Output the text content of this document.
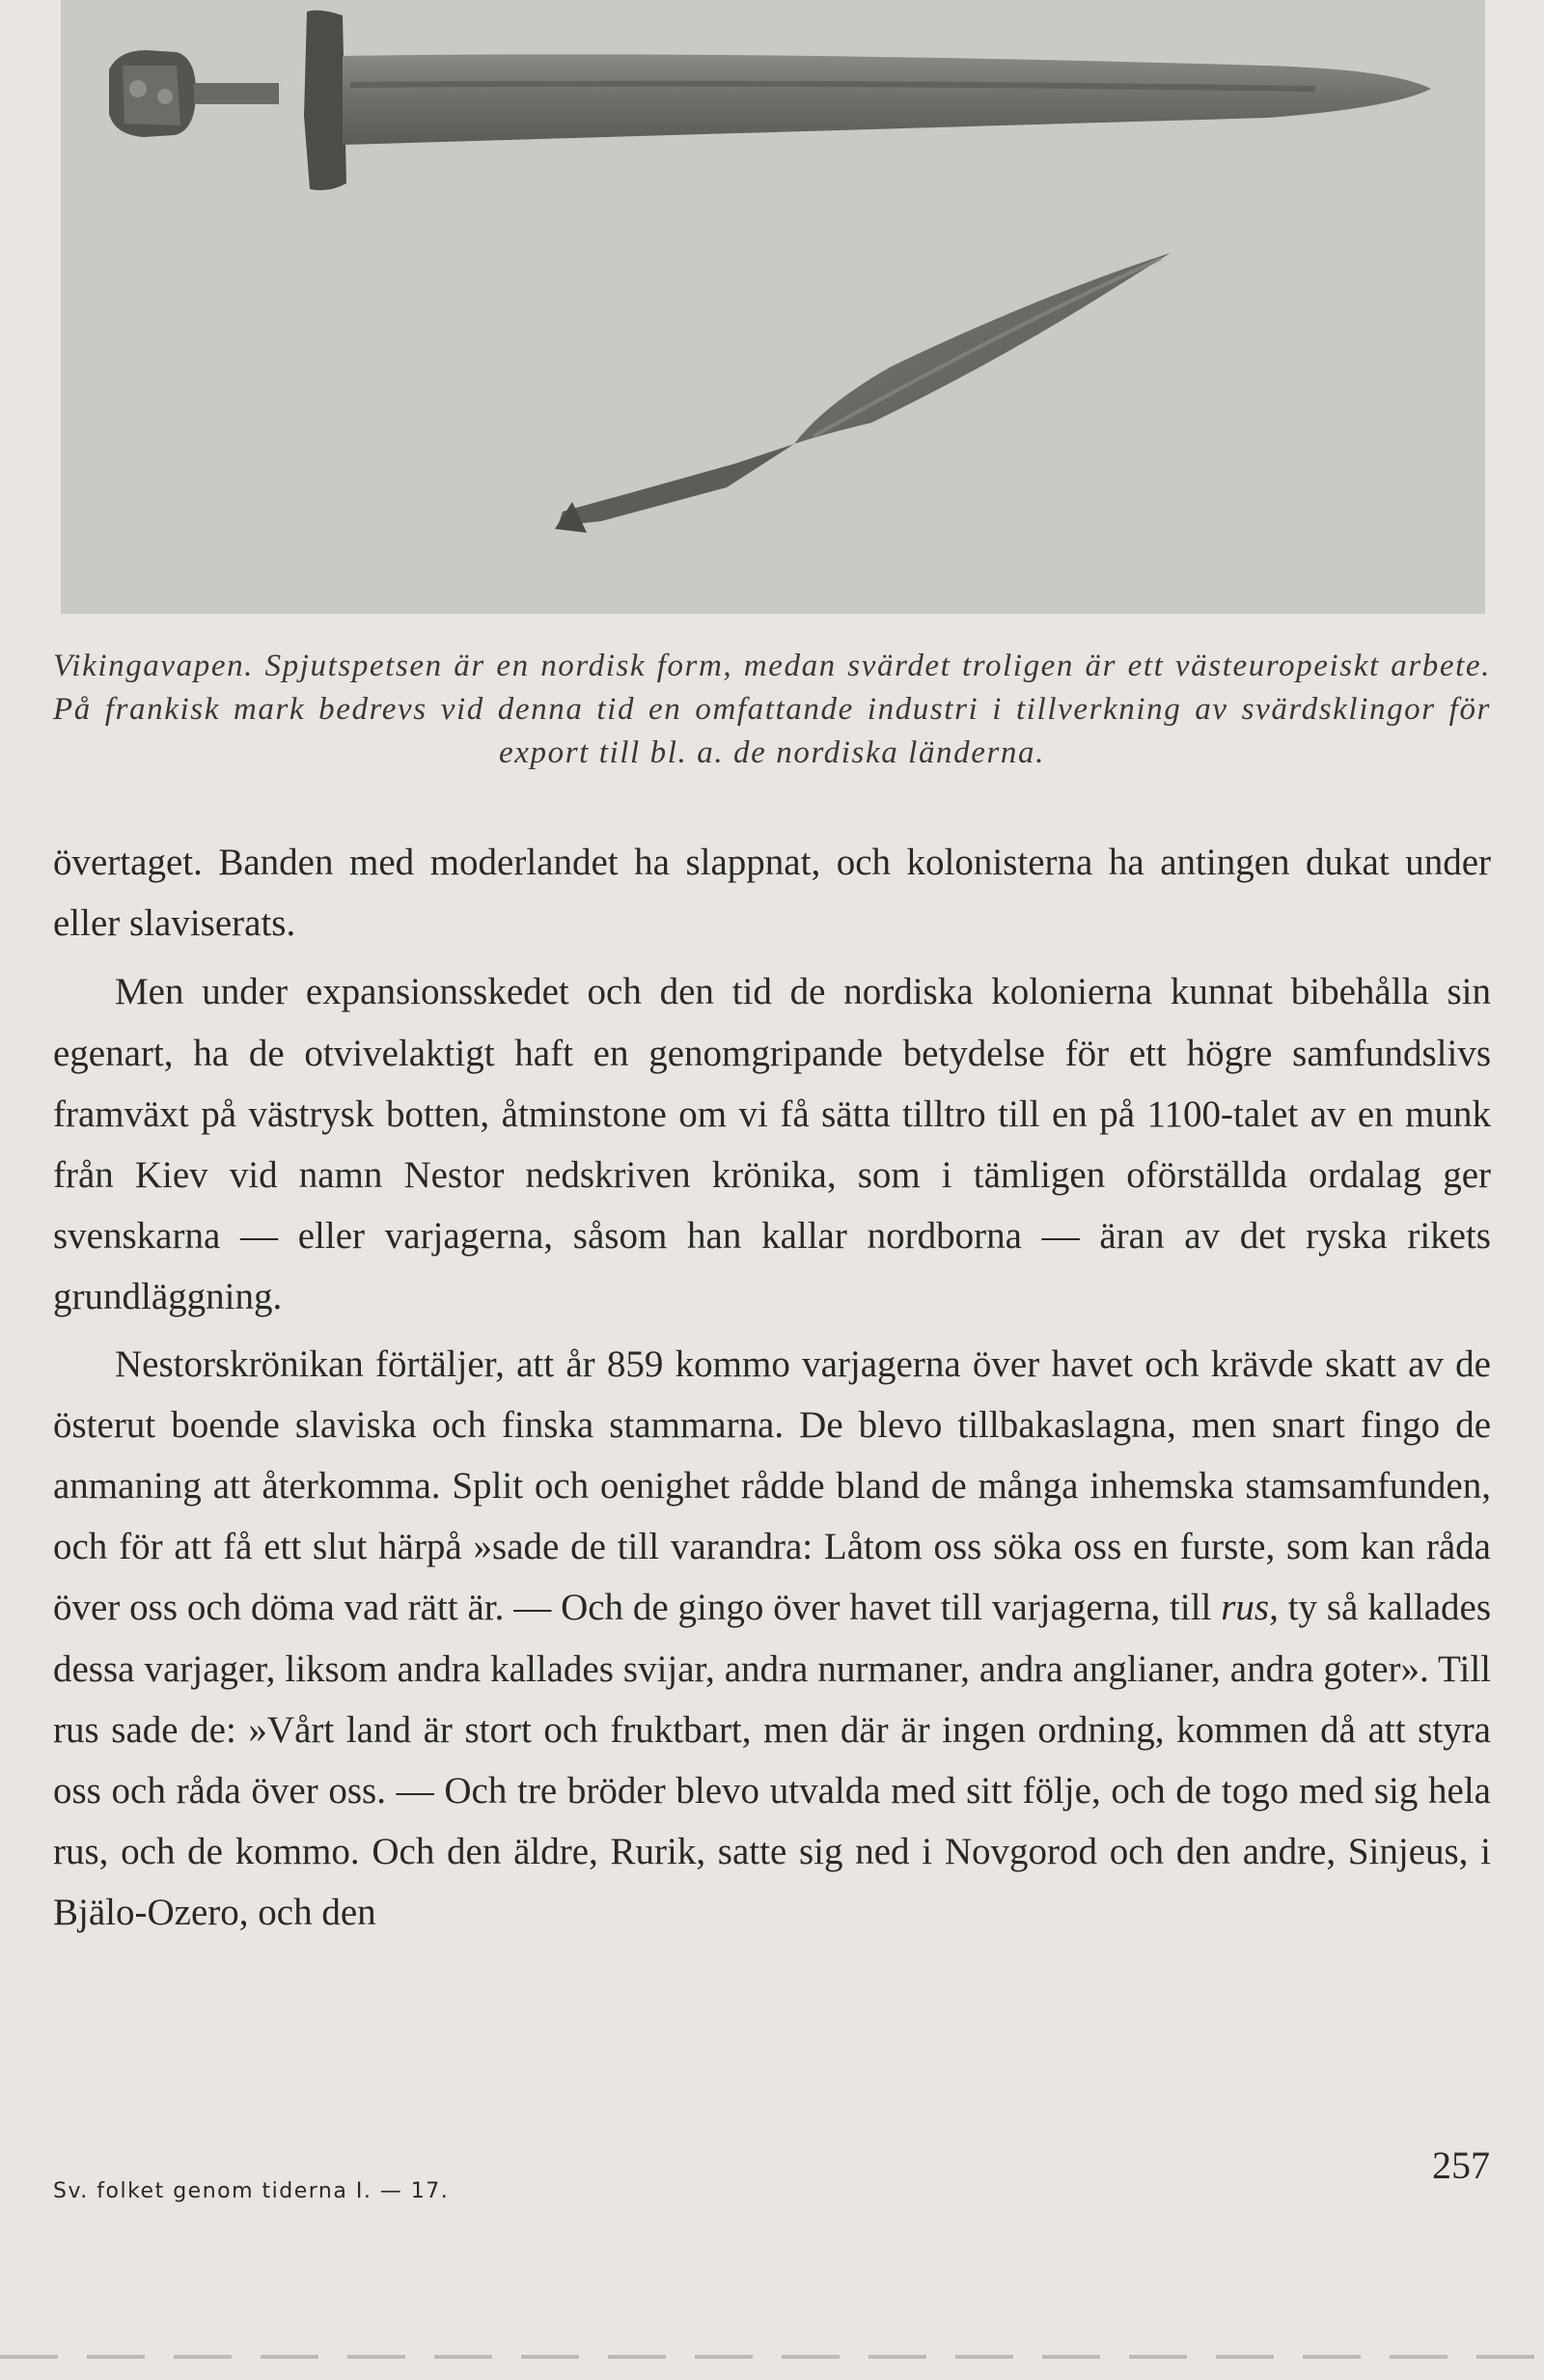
Vikingavapen. Spjutspetsen är en nordisk form, medan svärdet troligen är ett västeuropeiskt arbete. På frankisk mark bedrevs vid denna tid en omfattande industri i tillverkning av svärdsklingor för export till bl. a. de nordiska länderna.

övertaget. Banden med moderlandet ha slappnat, och kolonisterna ha antingen dukat under eller slaviserats.

Men under expansionsskedet och den tid de nordiska kolonierna kunnat bibehålla sin egenart, ha de otvivelaktigt haft en genomgripande betydelse för ett högre samfundslivs framväxt på västrysk botten, åtminstone om vi få sätta tilltro till en på 1100-talet av en munk från Kiev vid namn Nestor nedskriven krönika, som i tämligen oförställda ordalag ger svenskarna — eller varjagerna, såsom han kallar nordborna — äran av det ryska rikets grundläggning.

Nestorskrönikan förtäljer, att år 859 kommo varjagerna över havet och krävde skatt av de österut boende slaviska och finska stammarna. De blevo tillbakaslagna, men snart fingo de anmaning att återkomma. Split och oenighet rådde bland de många inhemska stamsamfunden, och för att få ett slut härpå »sade de till varandra: Låtom oss söka oss en furste, som kan råda över oss och döma vad rätt är. — Och de gingo över havet till varjagerna, till rus, ty så kallades dessa varjager, liksom andra kallades svijar, andra nurmaner, andra anglianer, andra goter». Till rus sade de: »Vårt land är stort och fruktbart, men där är ingen ordning, kommen då att styra oss och råda över oss. — Och tre bröder blevo utvalda med sitt följe, och de togo med sig hela rus, och de kommo. Och den äldre, Rurik, satte sig ned i Novgorod och den andre, Sinjeus, i Bjälo-Ozero, och den

Sv. folket genom tiderna I. — 17.
257
